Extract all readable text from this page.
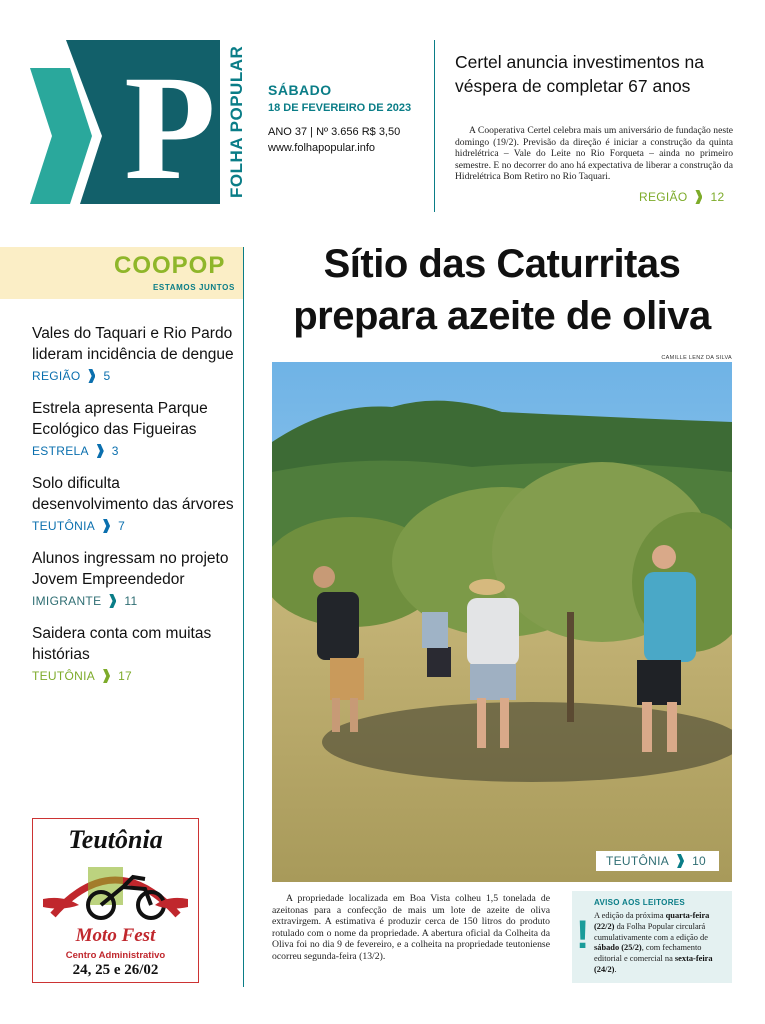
P FOLHA POPULAR SÁBADO
18 DE FEVEREIRO DE 2023
ANO 37 | Nº 3.656 R$ 3,50
www.folhapopular.info
Certel anuncia investimentos na véspera de completar 67 anos
A Cooperativa Certel celebra mais um aniversário de fundação neste domingo (19/2). Previsão da direção é iniciar a construção da quinta hidrelétrica – Vale do Leite no Rio Forqueta – ainda no primeiro semestre. E no decorrer do ano há expectativa de liberar a construção da Hidrelétrica Bom Retiro no Rio Taquari.
REGIÃO 12
COOPOP
ESTAMOS JUNTOS
Vales do Taquari e Rio Pardo lideram incidência de dengue
REGIÃO 5
Estrela apresenta Parque Ecológico das Figueiras
ESTRELA 3
Solo dificulta desenvolvimento das árvores
TEUTÔNIA 7
Alunos ingressam no projeto Jovem Empreendedor
IMIGRANTE 11
Saidera conta com muitas histórias
TEUTÔNIA 17
Teutônia
Moto Fest
Centro Administrativo
24, 25 e 26/02
Sítio das Caturritas
prepara azeite de oliva
CAMILLE LENZ DA SILVA
TEUTÔNIA 10
A propriedade localizada em Boa Vista colheu 1,5 tonelada de azeitonas para a confecção de mais um lote de azeite de oliva extravirgem. A estimativa é produzir cerca de 150 litros do produto rotulado com o nome da propriedade. A abertura oficial da Colheita da Oliva foi no dia 9 de fevereiro, e a colheita na propriedade teutoniense ocorreu segunda-feira (13/2).	!
AVISO AOS LEITORES
A edição da próxima quarta-feira (22/2) da Folha Popular circulará cumulativamente com a edição de sábado (25/2), com fechamento editorial e comercial na sexta-feira (24/2).
